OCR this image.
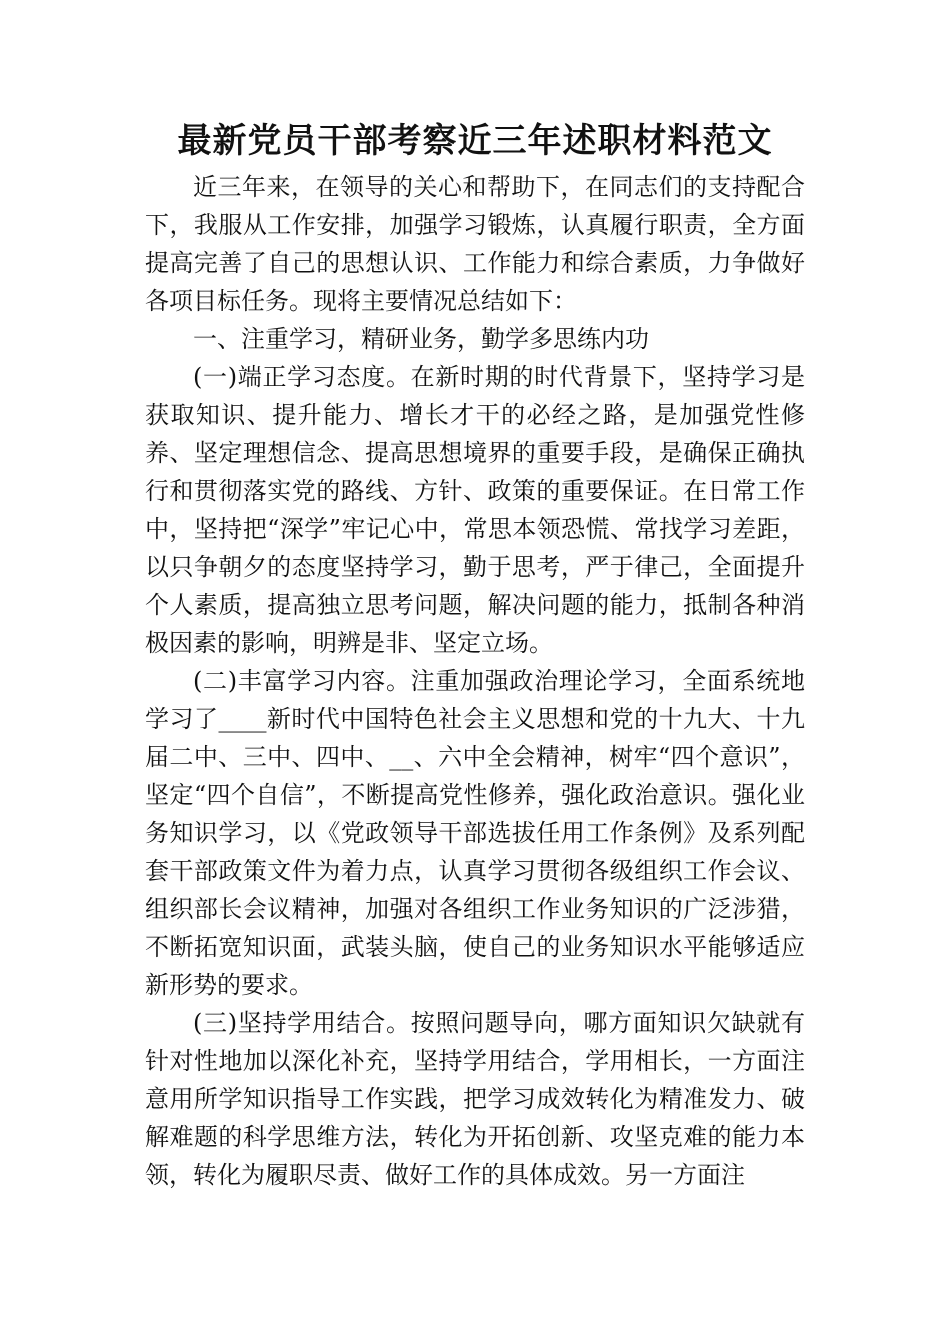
最新党员干部考察近三年述职材料范文

近三年来，在领导的关心和帮助下，在同志们的支持配合下，我服从工作安排，加强学习锻炼，认真履行职责，全方面提高完善了自己的思想认识、工作能力和综合素质，力争做好各项目标任务。现将主要情况总结如下：

一、注重学习，精研业务，勤学多思练内功

(一)端正学习态度。在新时期的时代背景下，坚持学习是获取知识、提升能力、增长才干的必经之路，是加强党性修养、坚定理想信念、提高思想境界的重要手段，是确保正确执行和贯彻落实党的路线、方针、政策的重要保证。在日常工作中，坚持把“深学”牢记心中，常思本领恐慌、常找学习差距，以只争朝夕的态度坚持学习，勤于思考，严于律己，全面提升个人素质，提高独立思考问题，解决问题的能力，抵制各种消极因素的影响，明辨是非、坚定立场。

(二)丰富学习内容。注重加强政治理论学习，全面系统地学习了____新时代中国特色社会主义思想和党的十九大、十九届二中、三中、四中、__、六中全会精神，树牢“四个意识”，坚定“四个自信”，不断提高党性修养，强化政治意识。强化业务知识学习，以《党政领导干部选拔任用工作条例》及系列配套干部政策文件为着力点，认真学习贯彻各级组织工作会议、组织部长会议精神，加强对各组织工作业务知识的广泛涉猎，不断拓宽知识面，武装头脑，使自己的业务知识水平能够适应新形势的要求。

(三)坚持学用结合。按照问题导向，哪方面知识欠缺就有针对性地加以深化补充，坚持学用结合，学用相长，一方面注意用所学知识指导工作实践，把学习成效转化为精准发力、破解难题的科学思维方法，转化为开拓创新、攻坚克难的能力本领，转化为履职尽责、做好工作的具体成效。另一方面注
